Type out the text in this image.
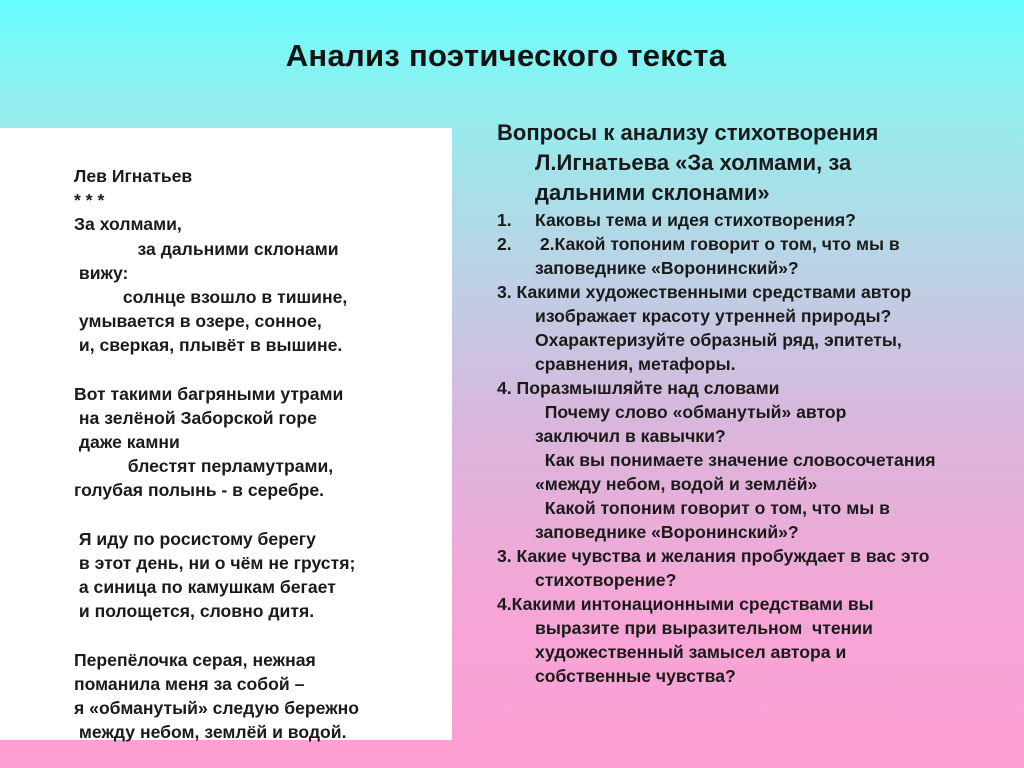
Анализ поэтического текста
Лев Игнатьев
* * *
За холмами,
за дальними склонами
вижу:
солнце взошло в тишине,
умывается в озере, сонное,
и, сверкая, плывёт в вышине.
Вот такими багряными утрами
на зелёной Заборской горе
даже камни
блестят перламутрами,
голубая полынь - в серебре.
Я иду по росистому берегу
в этот день, ни о чём не грустя;
а синица по камушкам бегает
и полощется, словно дитя.
Перепёлочка серая, нежная
поманила меня за собой –
я «обманутый» следую бережно
между небом, землёй и водой.
Вопросы к анализу стихотворения
Л.Игнатьева «За холмами, за
дальними склонами»
1. Каковы тема и идея стихотворения?
2. 2.Какой топоним говорит о том, что мы в
заповеднике «Воронинский»?
3. Какими художественными средствами автор
изображает красоту утренней природы?
Охарактеризуйте образный ряд, эпитеты,
сравнения, метафоры.
4. Поразмышляйте над словами
Почему слово «обманутый» автор
заключил в кавычки?
Как вы понимаете значение словосочетания
«между небом, водой и землёй»
Какой топоним говорит о том, что мы в
заповеднике «Воронинский»?
3. Какие чувства и желания пробуждает в вас это
стихотворение?
4.Какими интонационными средствами вы
выразите при выразительном  чтении
художественный замысел автора и
собственные чувства?
